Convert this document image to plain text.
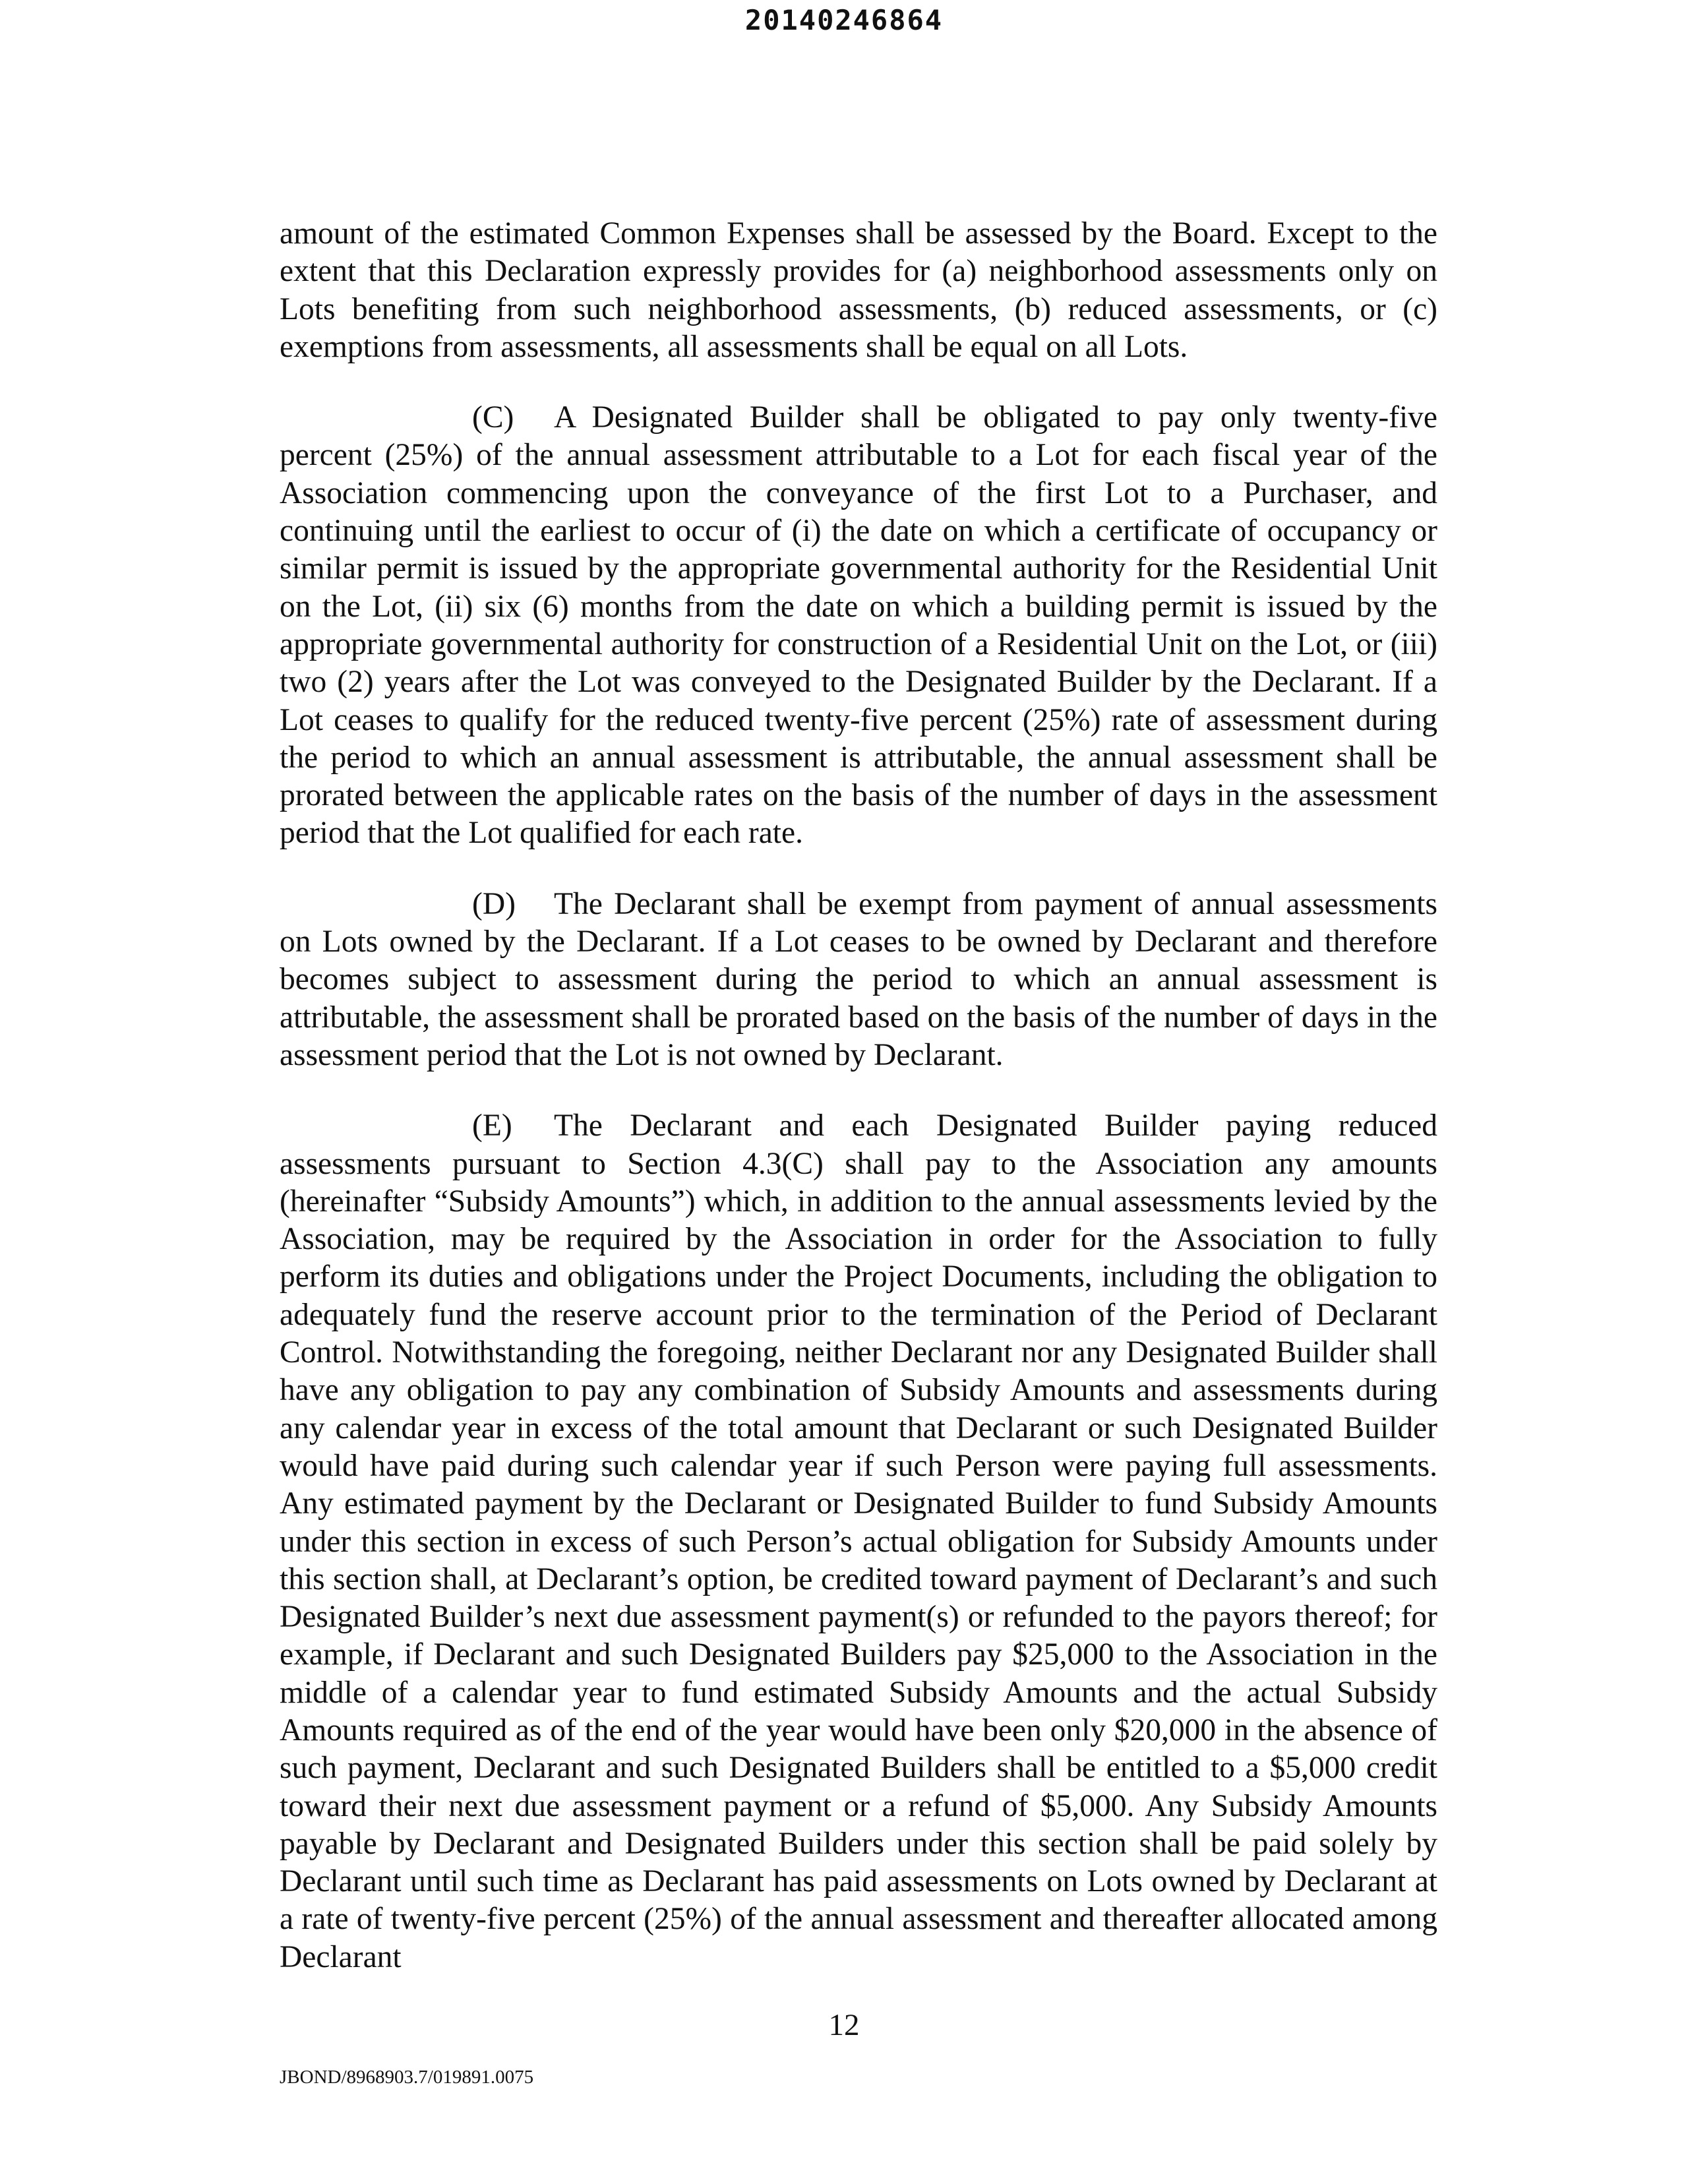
20140246864

amount of the estimated Common Expenses shall be assessed by the Board. Except to the extent that this Declaration expressly provides for (a) neighborhood assessments only on Lots benefiting from such neighborhood assessments, (b) reduced assessments, or (c) exemptions from assessments, all assessments shall be equal on all Lots.

(C) A Designated Builder shall be obligated to pay only twenty-five percent (25%) of the annual assessment attributable to a Lot for each fiscal year of the Association commencing upon the conveyance of the first Lot to a Purchaser, and continuing until the earliest to occur of (i) the date on which a certificate of occupancy or similar permit is issued by the appropriate governmental authority for the Residential Unit on the Lot, (ii) six (6) months from the date on which a building permit is issued by the appropriate governmental authority for construction of a Residential Unit on the Lot, or (iii) two (2) years after the Lot was conveyed to the Designated Builder by the Declarant. If a Lot ceases to qualify for the reduced twenty-five percent (25%) rate of assessment during the period to which an annual assessment is attributable, the annual assessment shall be prorated between the applicable rates on the basis of the number of days in the assessment period that the Lot qualified for each rate.

(D) The Declarant shall be exempt from payment of annual assessments on Lots owned by the Declarant. If a Lot ceases to be owned by Declarant and therefore becomes subject to assessment during the period to which an annual assessment is attributable, the assessment shall be prorated based on the basis of the number of days in the assessment period that the Lot is not owned by Declarant.

(E) The Declarant and each Designated Builder paying reduced assessments pursuant to Section 4.3(C) shall pay to the Association any amounts (hereinafter “Subsidy Amounts”) which, in addition to the annual assessments levied by the Association, may be required by the Association in order for the Association to fully perform its duties and obligations under the Project Documents, including the obligation to adequately fund the reserve account prior to the termination of the Period of Declarant Control. Notwithstanding the foregoing, neither Declarant nor any Designated Builder shall have any obligation to pay any combination of Subsidy Amounts and assessments during any calendar year in excess of the total amount that Declarant or such Designated Builder would have paid during such calendar year if such Person were paying full assessments. Any estimated payment by the Declarant or Designated Builder to fund Subsidy Amounts under this section in excess of such Person’s actual obligation for Subsidy Amounts under this section shall, at Declarant’s option, be credited toward payment of Declarant’s and such Designated Builder’s next due assessment payment(s) or refunded to the payors thereof; for example, if Declarant and such Designated Builders pay $25,000 to the Association in the middle of a calendar year to fund estimated Subsidy Amounts and the actual Subsidy Amounts required as of the end of the year would have been only $20,000 in the absence of such payment, Declarant and such Designated Builders shall be entitled to a $5,000 credit toward their next due assessment payment or a refund of $5,000. Any Subsidy Amounts payable by Declarant and Designated Builders under this section shall be paid solely by Declarant until such time as Declarant has paid assessments on Lots owned by Declarant at a rate of twenty-five percent (25%) of the annual assessment and thereafter allocated among Declarant

12
JBOND/8968903.7/019891.0075
